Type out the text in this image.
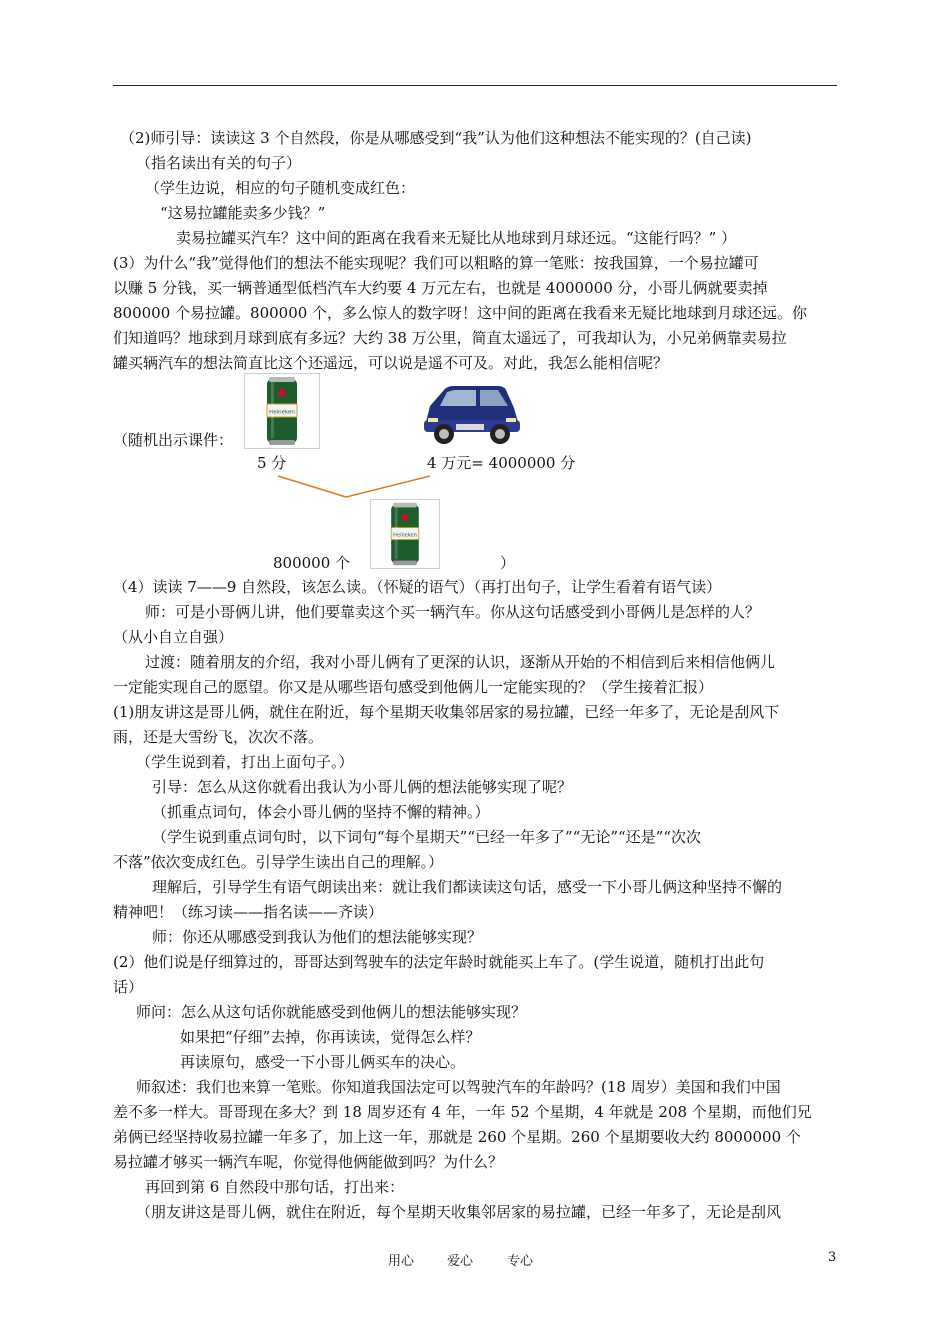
（2)师引导：读读这 3 个自然段，你是从哪感受到“我”认为他们这种想法不能实现的？(自己读)
（指名读出有关的句子）
（学生边说，相应的句子随机变成红色：
“这易拉罐能卖多少钱？”
卖易拉罐买汽车？这中间的距离在我看来无疑比从地球到月球还远。“这能行吗？” ）
(3）为什么“我”觉得他们的想法不能实现呢？我们可以粗略的算一笔账：按我国算，一个易拉罐可
以赚 5 分钱，买一辆普通型低档汽车大约要 4 万元左右，也就是 4000000 分，小哥儿俩就要卖掉
800000 个易拉罐。800000 个，多么惊人的数字呀！这中间的距离在我看来无疑比地球到月球还远。你
们知道吗？地球到月球到底有多远？大约 38 万公里，简直太遥远了，可我却认为，小兄弟俩靠卖易拉
罐买辆汽车的想法简直比这个还遥远，可以说是遥不可及。对此，我怎么能相信呢？
（随机出示课件：
Heineken
5 分	4 万元= 4000000 分
Heineken
800000 个	）
（4）读读 7——9 自然段，该怎么读。（怀疑的语气）（再打出句子，让学生看着有语气读）
师：可是小哥俩儿讲，他们要靠卖这个买一辆汽车。你从这句话感受到小哥俩儿是怎样的人？
（从小自立自强）
过渡：随着朋友的介绍，我对小哥儿俩有了更深的认识，逐渐从开始的不相信到后来相信他俩儿
一定能实现自己的愿望。你又是从哪些语句感受到他俩儿一定能实现的？（学生接着汇报）
(1)朋友讲这是哥儿俩，就住在附近，每个星期天收集邻居家的易拉罐，已经一年多了，无论是刮风下
雨，还是大雪纷飞，次次不落。
（学生说到着，打出上面句子。）
引导：怎么从这你就看出我认为小哥儿俩的想法能够实现了呢？
（抓重点词句，体会小哥儿俩的坚持不懈的精神。）
（学生说到重点词句时，以下词句“每个星期天”“已经一年多了”“无论”“还是”“次次
不落”依次变成红色。引导学生读出自己的理解。）
理解后，引导学生有语气朗读出来：就让我们都读读这句话，感受一下小哥儿俩这种坚持不懈的
精神吧！（练习读——指名读——齐读）
师：你还从哪感受到我认为他们的想法能够实现？
(2）他们说是仔细算过的，哥哥达到驾驶车的法定年龄时就能买上车了。(学生说道，随机打出此句
话）
师问：怎么从这句话你就能感受到他俩儿的想法能够实现？
如果把“仔细”去掉，你再读读，觉得怎么样？
再读原句，感受一下小哥儿俩买车的决心。
师叙述：我们也来算一笔账。你知道我国法定可以驾驶汽车的年龄吗？(18 周岁）美国和我们中国
差不多一样大。哥哥现在多大？到 18 周岁还有 4 年，一年 52 个星期，4 年就是 208 个星期，而他们兄
弟俩已经坚持收易拉罐一年多了，加上这一年，那就是 260 个星期。260 个星期要收大约 8000000 个
易拉罐才够买一辆汽车呢，你觉得他俩能做到吗？为什么？
再回到第 6 自然段中那句话，打出来：
（朋友讲这是哥儿俩，就住在附近，每个星期天收集邻居家的易拉罐，已经一年多了，无论是刮风
用心	爱心	专心	3
